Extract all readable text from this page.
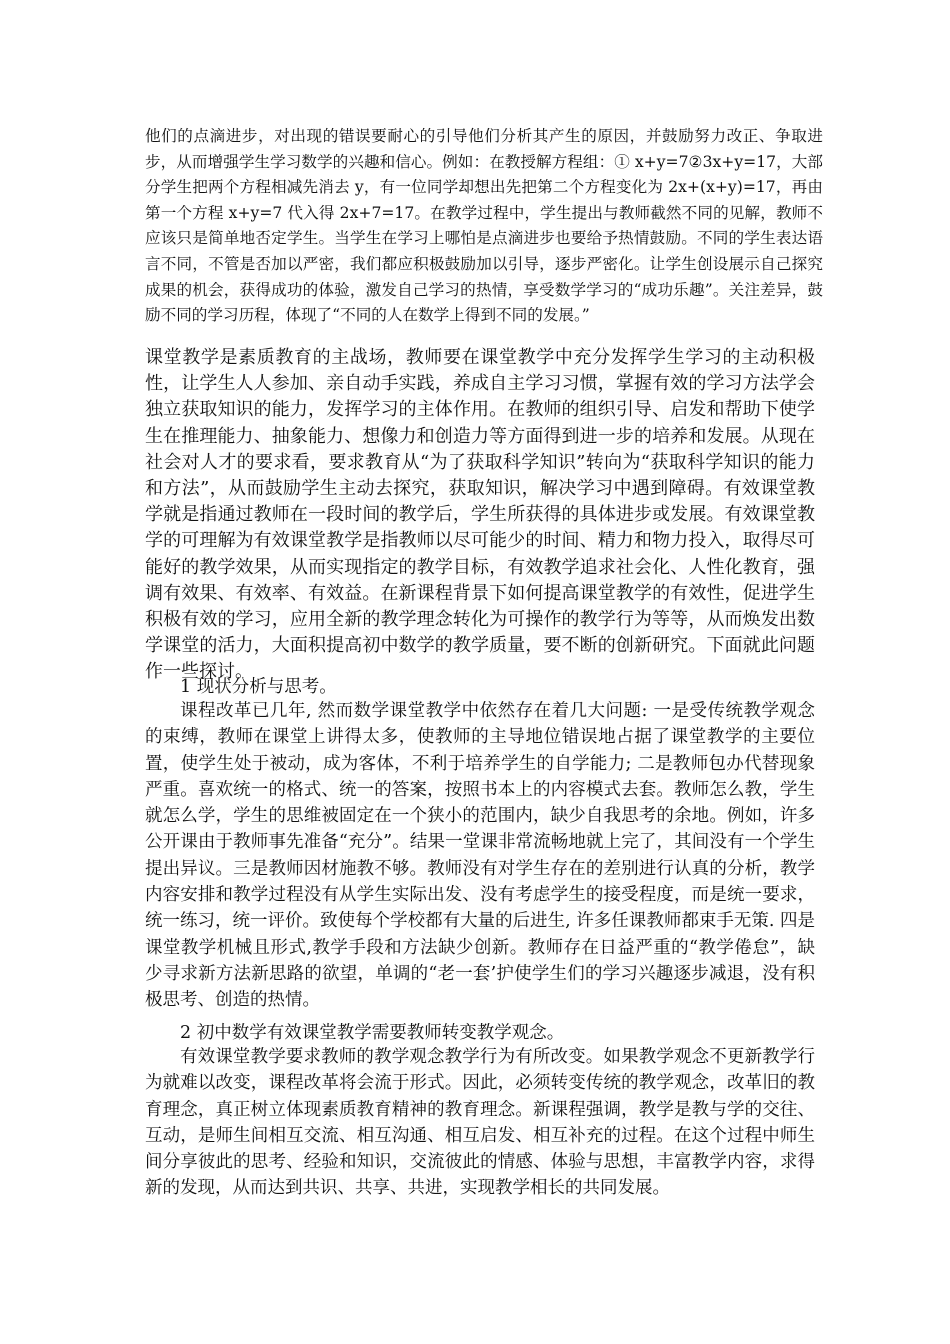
他们的点滴进步，对出现的错误要耐心的引导他们分析其产生的原因，并鼓励努力改正、争取进步，从而增强学生学习数学的兴趣和信心。例如：在教授解方程组：① x+y=7②3x+y=17，大部分学生把两个方程相减先消去 y，有一位同学却想出先把第二个方程变化为 2x+(x+y)=17，再由第一个方程 x+y=7 代入得 2x+7=17。在教学过程中，学生提出与教师截然不同的见解，教师不应该只是简单地否定学生。当学生在学习上哪怕是点滴进步也要给予热情鼓励。不同的学生表达语言不同，不管是否加以严密，我们都应积极鼓励加以引导，逐步严密化。让学生创设展示自己探究成果的机会，获得成功的体验，激发自己学习的热情，享受数学学习的“成功乐趣”。关注差异，鼓励不同的学习历程，体现了“不同的人在数学上得到不同的发展。”

课堂教学是素质教育的主战场，教师要在课堂教学中充分发挥学生学习的主动积极性，让学生人人参加、亲自动手实践，养成自主学习习惯，掌握有效的学习方法学会独立获取知识的能力，发挥学习的主体作用。在教师的组织引导、启发和帮助下使学生在推理能力、抽象能力、想像力和创造力等方面得到进一步的培养和发展。从现在社会对人才的要求看，要求教育从“为了获取科学知识”转向为“获取科学知识的能力和方法”，从而鼓励学生主动去探究，获取知识，解决学习中遇到障碍。有效课堂教学就是指通过教师在一段时间的教学后，学生所获得的具体进步或发展。有效课堂教学的可理解为有效课堂教学是指教师以尽可能少的时间、精力和物力投入，取得尽可能好的教学效果，从而实现指定的教学目标，有效教学追求社会化、人性化教育，强调有效果、有效率、有效益。在新课程背景下如何提高课堂教学的有效性，促进学生积极有效的学习，应用全新的教学理念转化为可操作的教学行为等等，从而焕发出数学课堂的活力，大面积提高初中数学的教学质量，要不断的创新研究。下面就此问题作一些探讨。

1 现状分析与思考。

课程改革已几年, 然而数学课堂教学中依然存在着几大问题: 一是受传统教学观念的束缚，教师在课堂上讲得太多，使教师的主导地位错误地占据了课堂教学的主要位置，使学生处于被动，成为客体，不利于培养学生的自学能力; 二是教师包办代替现象严重。喜欢统一的格式、统一的答案，按照书本上的内容模式去套。教师怎么教，学生就怎么学，学生的思维被固定在一个狭小的范围内，缺少自我思考的余地。例如，许多公开课由于教师事先准备“充分”。结果一堂课非常流畅地就上完了，其间没有一个学生提出异议。三是教师因材施教不够。教师没有对学生存在的差别进行认真的分析，教学内容安排和教学过程没有从学生实际出发、没有考虑学生的接受程度，而是统一要求，统一练习，统一评价。致使每个学校都有大量的后进生, 许多任课教师都束手无策. 四是课堂教学机械且形式,教学手段和方法缺少创新。教师存在日益严重的“教学倦怠”，缺少寻求新方法新思路的欲望，单调的“老一套’护使学生们的学习兴趣逐步减退，没有积极思考、创造的热情。

2 初中数学有效课堂教学需要教师转变教学观念。

有效课堂教学要求教师的教学观念教学行为有所改变。如果教学观念不更新教学行为就难以改变，课程改革将会流于形式。因此，必须转变传统的教学观念，改革旧的教育理念，真正树立体现素质教育精神的教育理念。新课程强调，教学是教与学的交往、互动，是师生间相互交流、相互沟通、相互启发、相互补充的过程。在这个过程中师生间分享彼此的思考、经验和知识，交流彼此的情感、体验与思想，丰富教学内容，求得新的发现，从而达到共识、共享、共进，实现教学相长的共同发展。
